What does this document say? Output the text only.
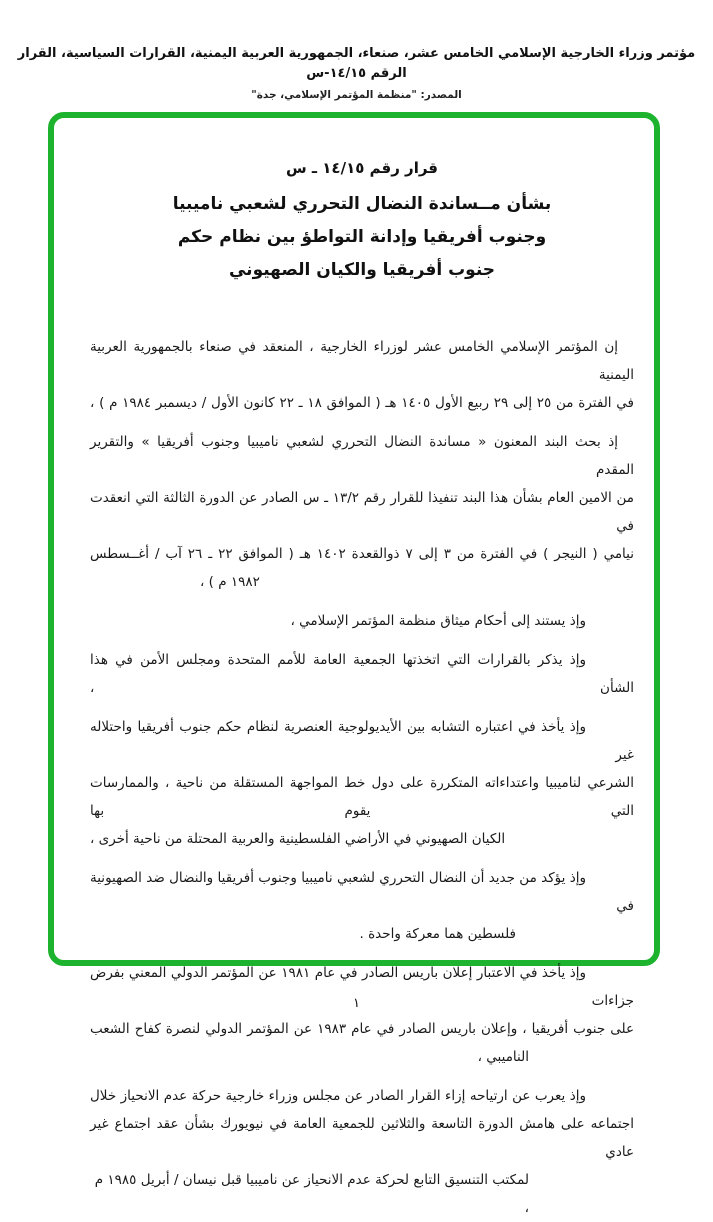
مؤتمر وزراء الخارجية الإسلامي الخامس عشر، صنعاء، الجمهورية العربية اليمنية، القرارات السياسية، القرار الرقم ١٤/١٥-س
المصدر: "منظمة المؤتمر الإسلامي، جدة"
قرار رقم ١٤/١٥ ـ س
بشأن مــساندة النضال التحرري لشعبي ناميبيا
وجنوب أفريقيا وإدانة التواطؤ بين نظام حكم
جنوب أفريقيا والكيان الصهيوني
إن المؤتمر الإسلامي الخامس عشر لوزراء الخارجية ، المنعقد في صنعاء بالجمهورية العربية اليمنية
في الفترة من ٢٥ إلى ٢٩ ربيع الأول ١٤٠٥ هـ ( الموافق ١٨ ـ ٢٢ كانون الأول / ديسمبر ١٩٨٤ م ) ،
إذ بحث البند المعنون « مساندة النضال التحرري لشعبي ناميبيا وجنوب أفريقيا » والتقرير المقدم
من الامين العام بشأن هذا البند تنفيذا للقرار رقم ١٣/٢ ـ س الصادر عن الدورة الثالثة التي انعقدت في
نيامي ( النيجر ) في الفترة من ٣ إلى ٧ ذوالقعدة ١٤٠٢ هـ ( الموافق ٢٢ ـ ٢٦ آب / أغــسطس
١٩٨٢ م ) ،
وإذ يستند إلى أحكام ميثاق منظمة المؤتمر الإسلامي ،
وإذ يذكر بالقرارات التي اتخذتها الجمعية العامة للأمم المتحدة ومجلس الأمن في هذا الشأن ،
وإذ يأخذ في اعتباره التشابه بين الأيديولوجية العنصرية لنظام حكم جنوب أفريقيا واحتلاله غير
الشرعي لناميبيا واعتداءاته المتكررة على دول خط المواجهة المستقلة من ناحية ، والممارسات التي يقوم بها
الكيان الصهيوني في الأراضي الفلسطينية والعربية المحتلة من ناحية أخرى ،
وإذ يؤكد من جديد أن النضال التحرري لشعبي ناميبيا وجنوب أفريقيا والنضال ضد الصهيونية في
فلسطين هما معركة واحدة .
وإذ يأخذ في الاعتبار إعلان باريس الصادر في عام ١٩٨١ عن المؤتمر الدولي المعني بفرض جزاءات
على جنوب أفريقيا ، وإعلان باريس الصادر في عام ١٩٨٣ عن المؤتمر الدولي لنصرة كفاح الشعب
الناميبي ،
وإذ يعرب عن ارتياحه إزاء القرار الصادر عن مجلس وزراء خارجية حركة عدم الانحياز خلال
اجتماعه على هامش الدورة التاسعة والثلاثين للجمعية العامة في نيويورك بشأن عقد اجتماع غير عادي
لمكتب التنسيق التابع لحركة عدم الانحياز عن ناميبيا قبل نيسان / أبريل ١٩٨٥ م ،
١
